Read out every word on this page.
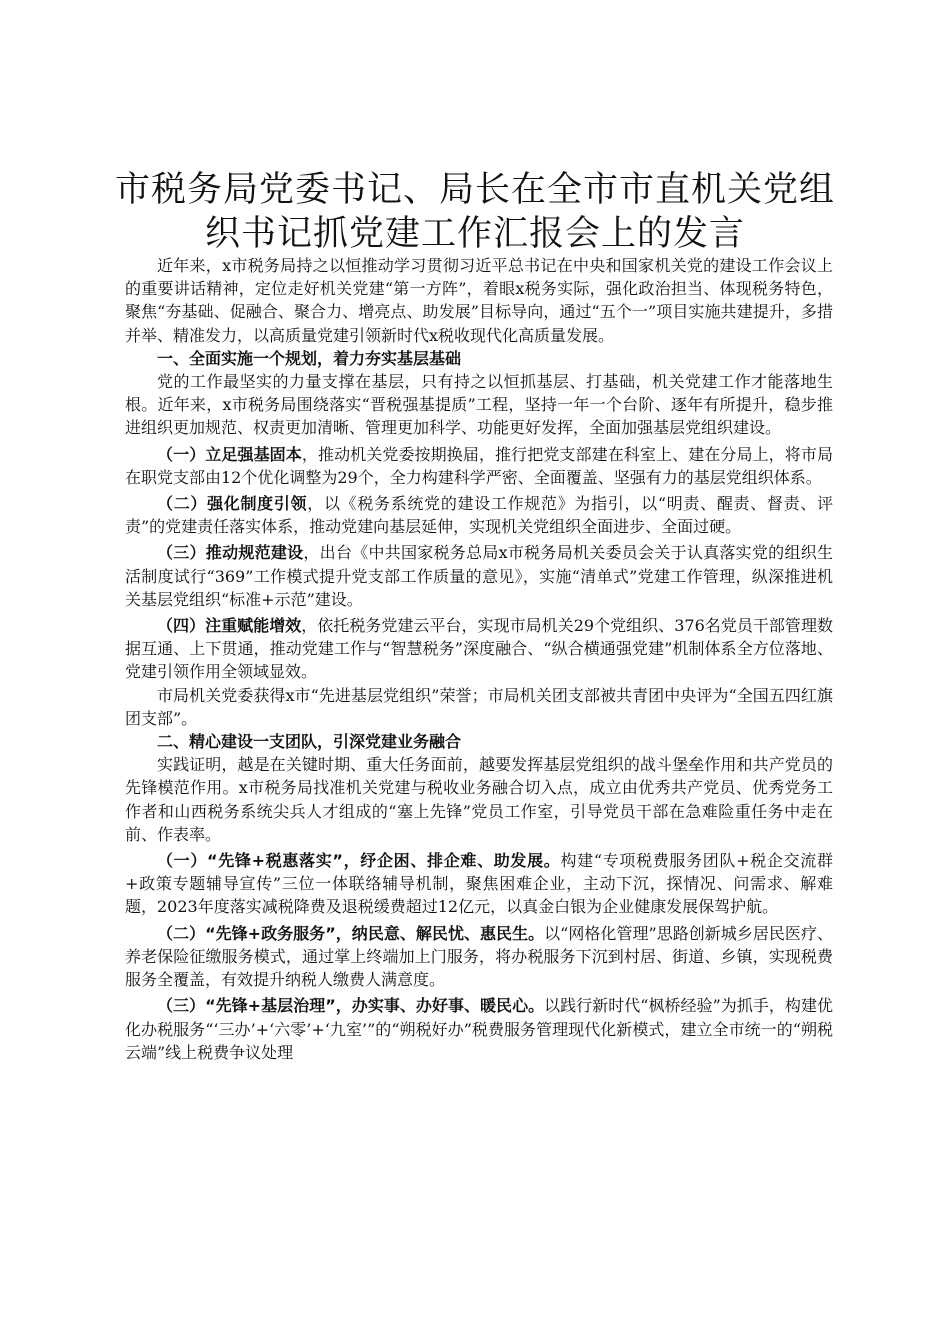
市税务局党委书记、局长在全市市直机关党组
织书记抓党建工作汇报会上的发言

近年来，x市税务局持之以恒推动学习贯彻习近平总书记在中央和国家机关党的建设工作会议上的重要讲话精神，定位走好机关党建“第一方阵”，着眼x税务实际，强化政治担当、体现税务特色，聚焦“夯基础、促融合、聚合力、增亮点、助发展”目标导向，通过“五个一”项目实施共建提升，多措并举、精准发力，以高质量党建引领新时代x税收现代化高质量发展。

一、全面实施一个规划，着力夯实基层基础

党的工作最坚实的力量支撑在基层，只有持之以恒抓基层、打基础，机关党建工作才能落地生根。近年来，x市税务局围绕落实“晋税强基提质”工程，坚持一年一个台阶、逐年有所提升，稳步推进组织更加规范、权责更加清晰、管理更加科学、功能更好发挥，全面加强基层党组织建设。

（一）立足强基固本，推动机关党委按期换届，推行把党支部建在科室上、建在分局上，将市局在职党支部由12个优化调整为29个，全力构建科学严密、全面覆盖、坚强有力的基层党组织体系。

（二）强化制度引领，以《税务系统党的建设工作规范》为指引，以“明责、醒责、督责、评责”的党建责任落实体系，推动党建向基层延伸，实现机关党组织全面进步、全面过硬。

（三）推动规范建设，出台《中共国家税务总局x市税务局机关委员会关于认真落实党的组织生活制度试行“369”工作模式提升党支部工作质量的意见》，实施“清单式”党建工作管理，纵深推进机关基层党组织“标准+示范”建设。

（四）注重赋能增效，依托税务党建云平台，实现市局机关29个党组织、376名党员干部管理数据互通、上下贯通，推动党建工作与“智慧税务”深度融合、“纵合横通强党建”机制体系全方位落地、党建引领作用全领域显效。

市局机关党委获得x市“先进基层党组织”荣誉；市局机关团支部被共青团中央评为“全国五四红旗团支部”。

二、精心建设一支团队，引深党建业务融合

实践证明，越是在关键时期、重大任务面前，越要发挥基层党组织的战斗堡垒作用和共产党员的先锋模范作用。x市税务局找准机关党建与税收业务融合切入点，成立由优秀共产党员、优秀党务工作者和山西税务系统尖兵人才组成的“塞上先锋”党员工作室，引导党员干部在急难险重任务中走在前、作表率。

（一）“先锋+税惠落实”，纾企困、排企难、助发展。构建“专项税费服务团队+税企交流群+政策专题辅导宣传”三位一体联络辅导机制，聚焦困难企业，主动下沉，探情况、问需求、解难题，2023年度落实减税降费及退税缓费超过12亿元，以真金白银为企业健康发展保驾护航。

（二）“先锋+政务服务”，纳民意、解民忧、惠民生。以“网格化管理”思路创新城乡居民医疗、养老保险征缴服务模式，通过掌上终端加上门服务，将办税服务下沉到村居、街道、乡镇，实现税费服务全覆盖，有效提升纳税人缴费人满意度。

（三）“先锋+基层治理”，办实事、办好事、暖民心。以践行新时代“枫桥经验”为抓手，构建优化办税服务“‘三办’+‘六零’+‘九室’”的“朔税好办”税费服务管理现代化新模式，建立全市统一的“朔税云端”线上税费争议处理
